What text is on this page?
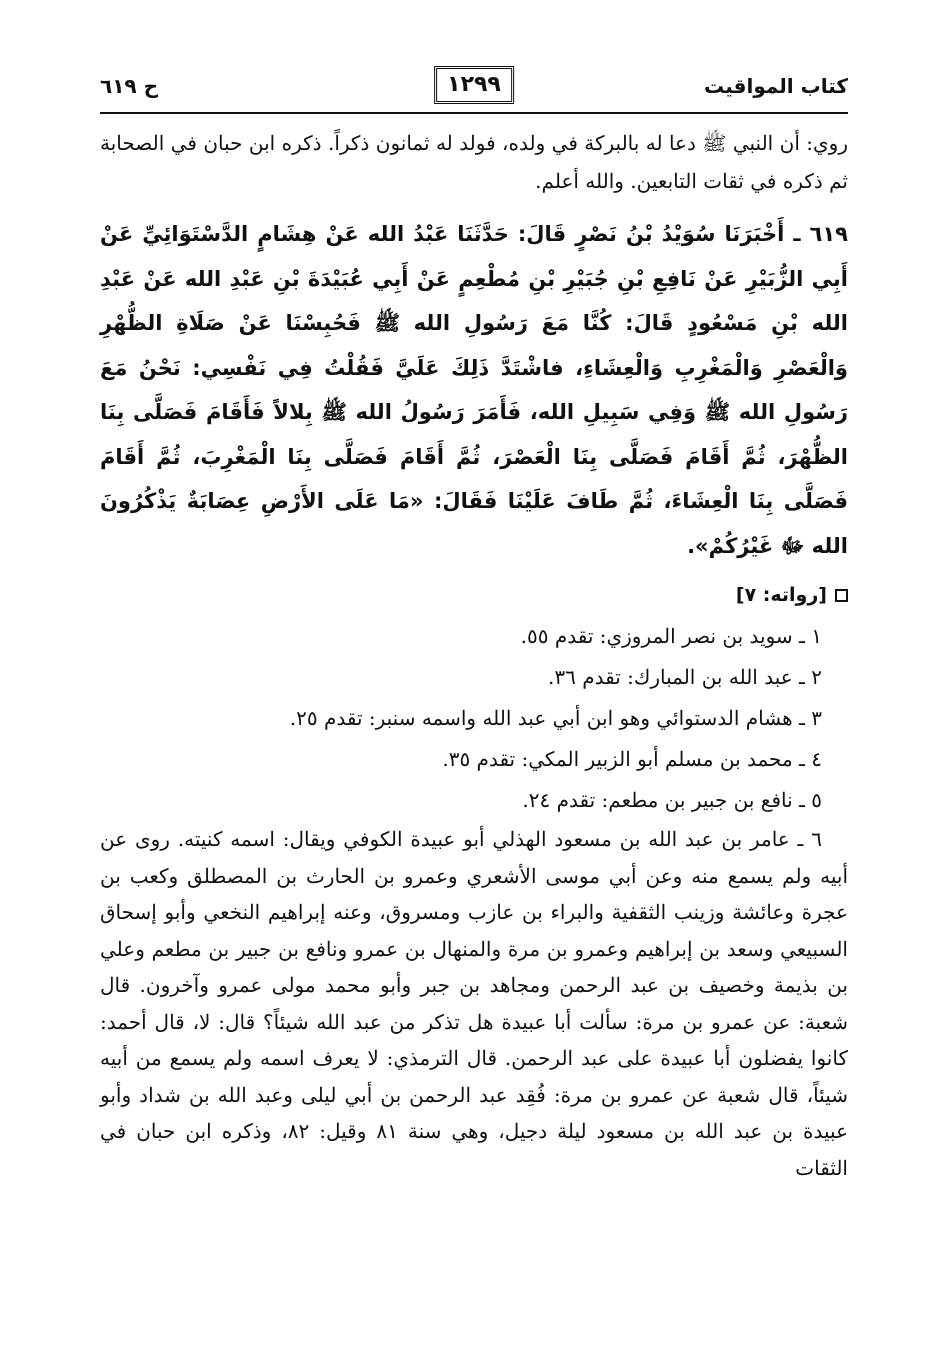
كتاب المواقيت
١٢٩٩
ح ٦١٩

روي: أن النبي ﷺ دعا له بالبركة في ولده، فولد له ثمانون ذكراً. ذكره ابن حبان في الصحابة ثم ذكره في ثقات التابعين. والله أعلم.

٦١٩ ـ أَخْبَرَنَا سُوَيْدُ بْنُ نَصْرٍ قَالَ: حَدَّثَنَا عَبْدُ الله عَنْ هِشَامٍ الدَّسْتَوَائِيِّ عَنْ أَبِي الزُّبَيْرِ عَنْ نَافِعِ بْنِ جُبَيْرِ بْنِ مُطْعِمٍ عَنْ أَبِي عُبَيْدَةَ بْنِ عَبْدِ الله عَنْ عَبْدِ الله بْنِ مَسْعُودٍ قَالَ: كُنَّا مَعَ رَسُولِ الله ﷺ فَحُبِسْنَا عَنْ صَلَاةِ الظُّهْرِ وَالْعَصْرِ وَالْمَغْرِبِ وَالْعِشَاءِ، فاشْتَدَّ ذَلِكَ عَلَيَّ فَقُلْتُ فِي نَفْسِي: نَحْنُ مَعَ رَسُولِ الله ﷺ وَفِي سَبِيلِ الله، فَأَمَرَ رَسُولُ الله ﷺ بِلالاً فَأَقَامَ فَصَلَّى بِنَا الظُّهْرَ، ثُمَّ أَقَامَ فَصَلَّى بِنَا الْعَصْرَ، ثُمَّ أَقَامَ فَصَلَّى بِنَا الْمَغْرِبَ، ثُمَّ أَقَامَ فَصَلَّى بِنَا الْعِشَاءَ، ثُمَّ طَافَ عَلَيْنَا فَقَالَ: «مَا عَلَى الأَرْضِ عِصَابَةٌ يَذْكُرُونَ الله ﷻ غَيْرُكُمْ».

[رواته: ٧]
١ ـ سويد بن نصر المروزي: تقدم ٥٥.
٢ ـ عبد الله بن المبارك: تقدم ٣٦.
٣ ـ هشام الدستوائي وهو ابن أبي عبد الله واسمه سنبر: تقدم ٢٥.
٤ ـ محمد بن مسلم أبو الزبير المكي: تقدم ٣٥.
٥ ـ نافع بن جبير بن مطعم: تقدم ٢٤.

٦ ـ عامر بن عبد الله بن مسعود الهذلي أبو عبيدة الكوفي ويقال: اسمه كنيته. روى عن أبيه ولم يسمع منه وعن أبي موسى الأشعري وعمرو بن الحارث بن المصطلق وكعب بن عجرة وعائشة وزينب الثقفية والبراء بن عازب ومسروق، وعنه إبراهيم النخعي وأبو إسحاق السبيعي وسعد بن إبراهيم وعمرو بن مرة والمنهال بن عمرو ونافع بن جبير بن مطعم وعلي بن بذيمة وخصيف بن عبد الرحمن ومجاهد بن جبر وأبو محمد مولى عمرو وآخرون. قال شعبة: عن عمرو بن مرة: سألت أبا عبيدة هل تذكر من عبد الله شيئاً؟ قال: لا، قال أحمد: كانوا يفضلون أبا عبيدة على عبد الرحمن. قال الترمذي: لا يعرف اسمه ولم يسمع من أبيه شيئاً، قال شعبة عن عمرو بن مرة: فُقِد عبد الرحمن بن أبي ليلى وعبد الله بن شداد وأبو عبيدة بن عبد الله بن مسعود ليلة دجيل، وهي سنة ٨١ وقيل: ٨٢، وذكره ابن حبان في الثقات
